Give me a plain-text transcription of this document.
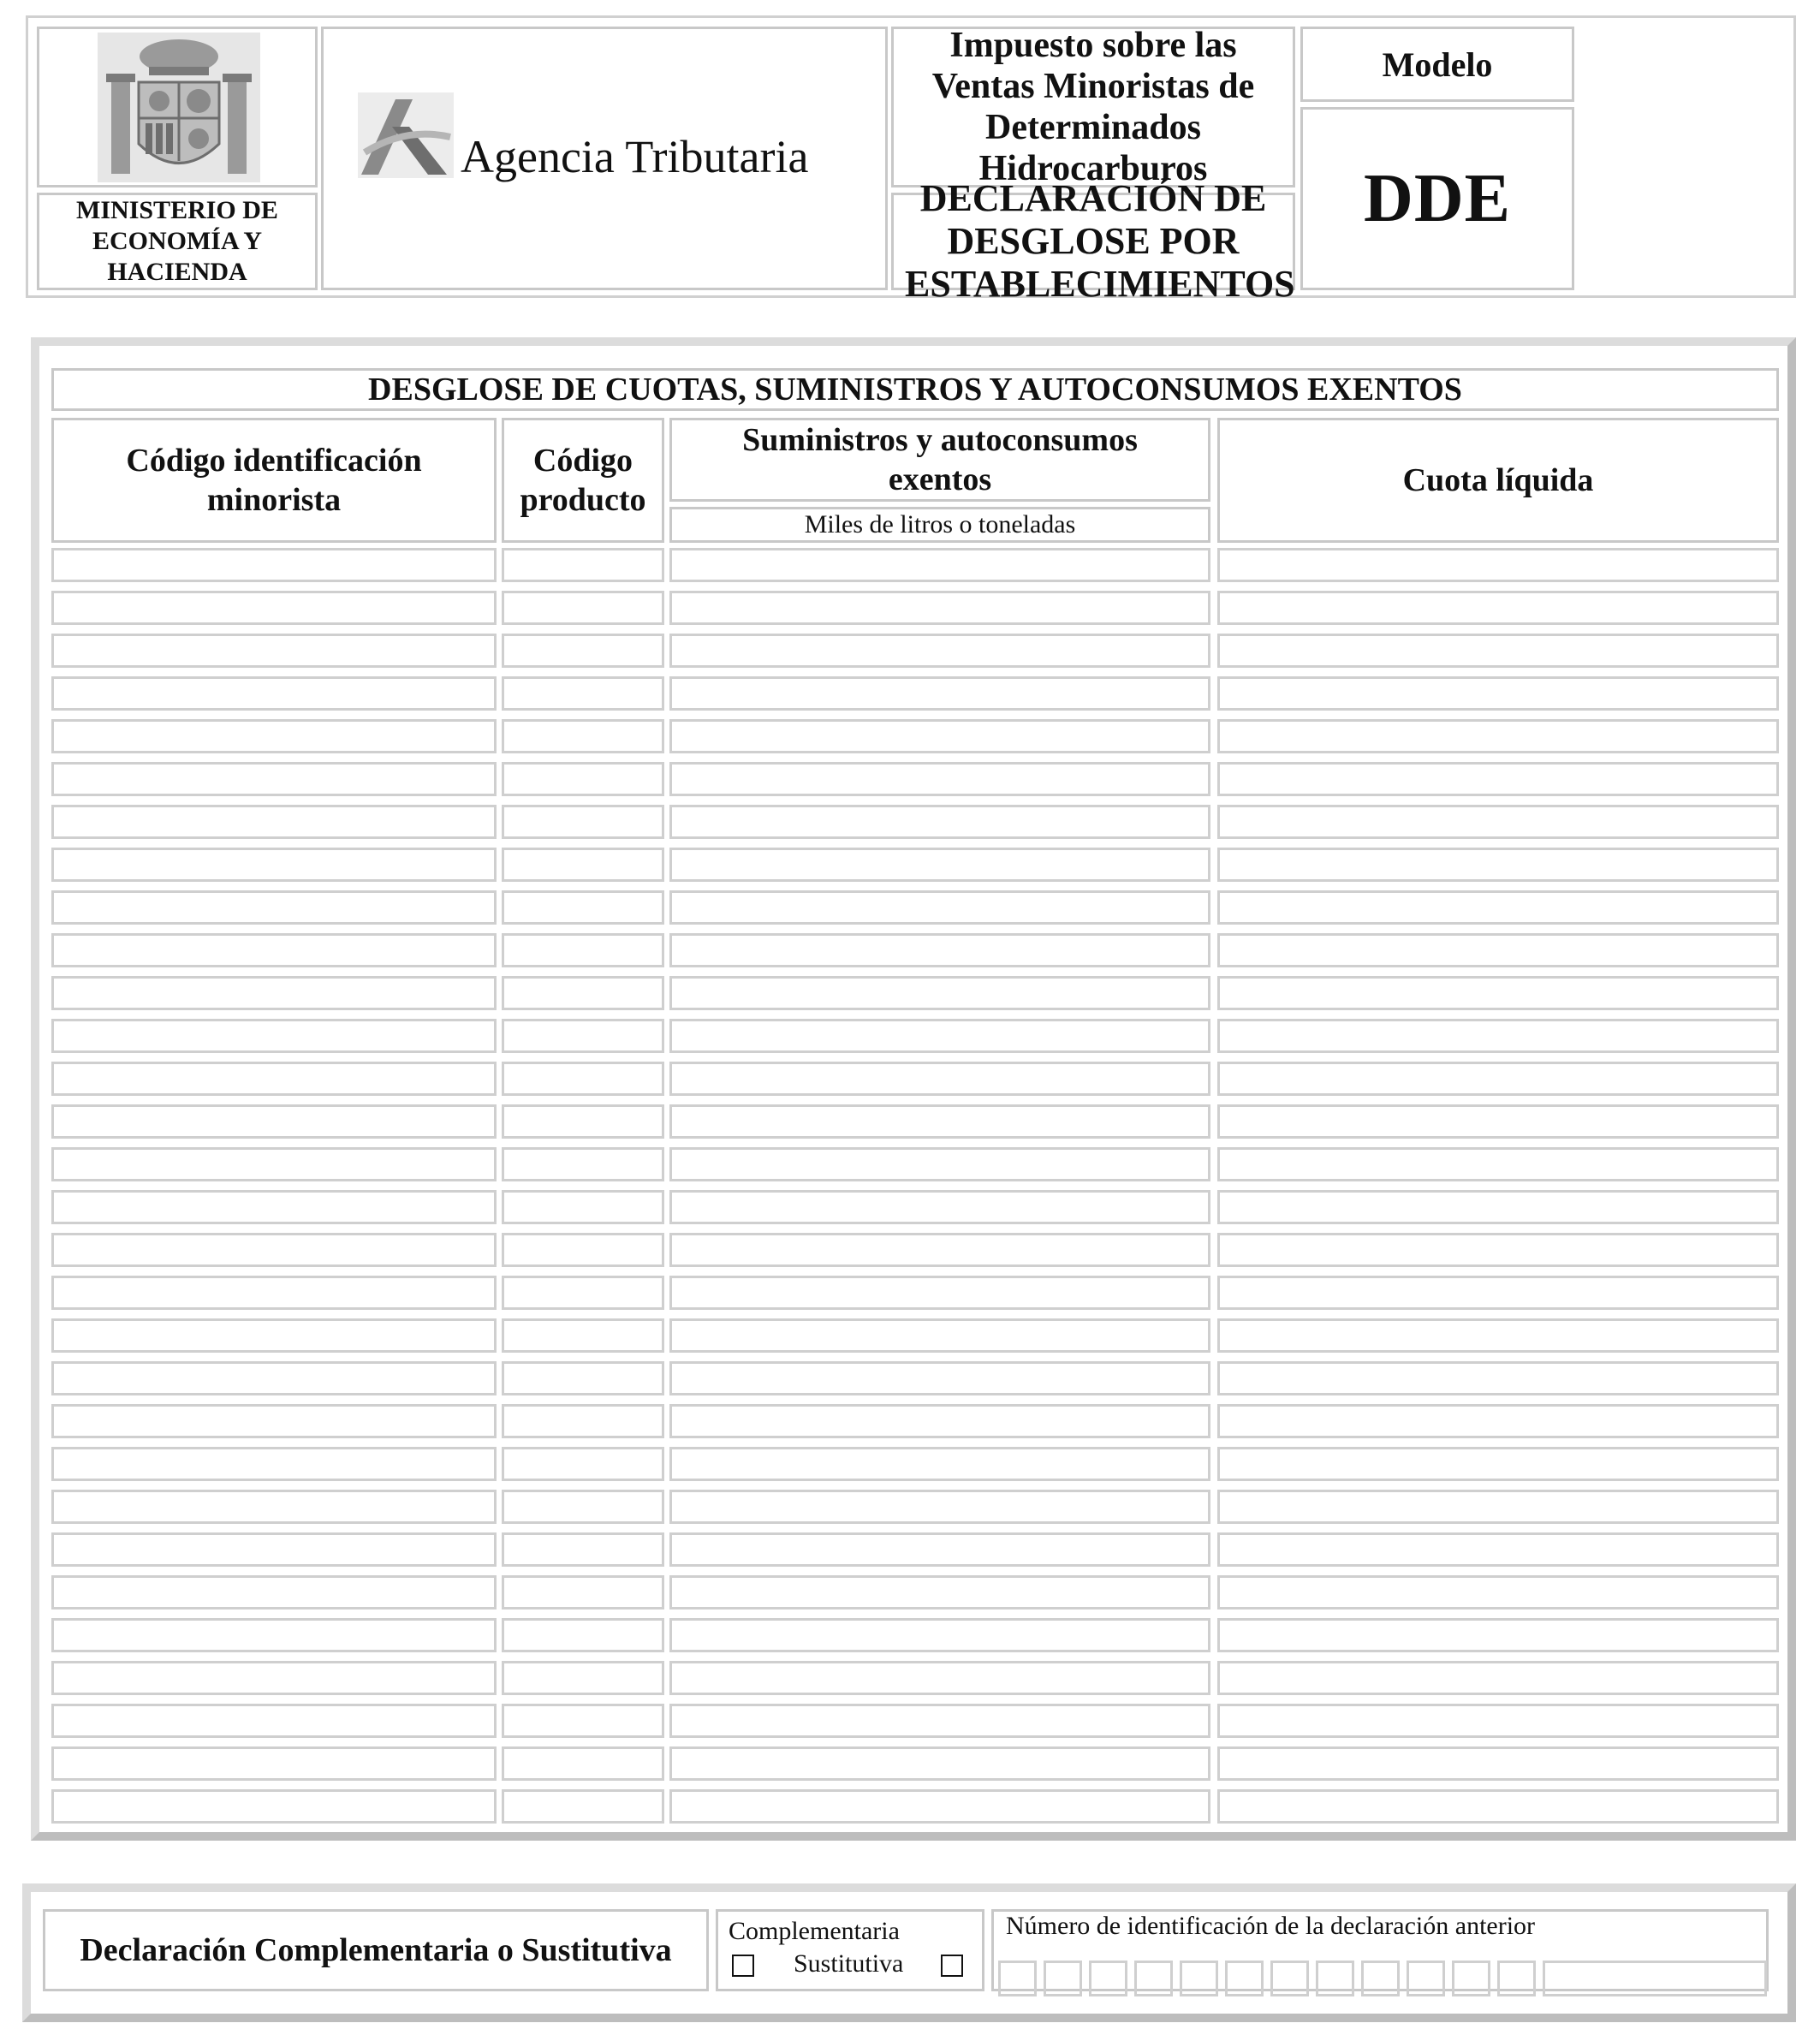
MINISTERIO DE ECONOMÍA Y HACIENDA
Agencia Tributaria
Impuesto sobre las Ventas Minoristas de Determinados Hidrocarburos
DECLARACIÓN DE DESGLOSE POR ESTABLECIMIENTOS
Modelo
DDE
DESGLOSE DE CUOTAS, SUMINISTROS Y AUTOCONSUMOS EXENTOS
Código identificación minorista
Código producto
Suministros y autoconsumos exentos
Miles de litros o toneladas
Cuota líquida
Declaración Complementaria o Sustitutiva
Complementaria
Sustitutiva
Número de identificación de la declaración anterior
